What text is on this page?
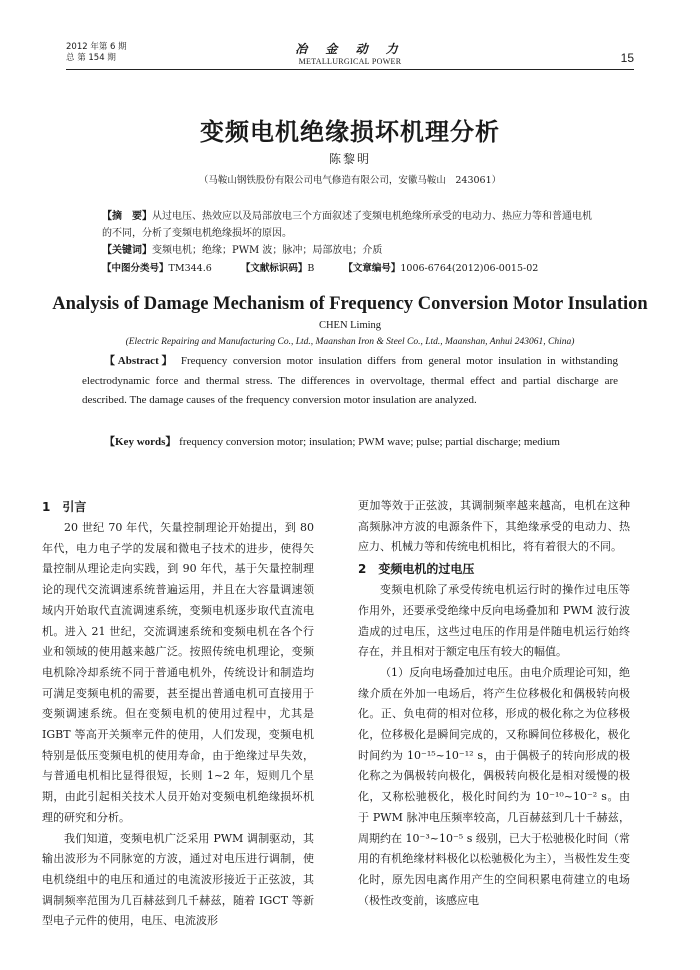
2012 年第 6 期
总 第 154 期
冶 金 动 力
METALLURGICAL POWER	15
变频电机绝缘损坏机理分析
陈黎明
（马鞍山钢铁股份有限公司电气修造有限公司，安徽马鞍山　243061）

【摘　要】从过电压、热效应以及局部放电三个方面叙述了变频电机绝缘所承受的电动力、热应力等和普通电机的不同，分析了变频电机绝缘损坏的原因。

【关键词】变频电机；绝缘；PWM 波；脉冲；局部放电；介质

【中图分类号】TM344.6	【文献标识码】B	【文章编号】1006-6764(2012)06-0015-02
Analysis of Damage Mechanism of Frequency Conversion Motor Insulation
CHEN Liming
(Electric Repairing and Manufacturing Co., Ltd., Maanshan Iron & Steel Co., Ltd., Maanshan, Anhui 243061, China)

【Abstract】 Frequency conversion motor insulation differs from general motor insulation in withstanding electrodynamic force and thermal stress. The differences in overvoltage, thermal effect and partial discharge are described. The damage causes of the frequency conversion motor insulation are analyzed.

【Key words】 frequency conversion motor; insulation; PWM wave; pulse; partial discharge; medium

1 引言

20 世纪 70 年代，矢量控制理论开始提出，到 80 年代，电力电子学的发展和微电子技术的进步，使得矢量控制从理论走向实践，到 90 年代，基于矢量控制理论的现代交流调速系统普遍运用，并且在大容量调速领域内开始取代直流调速系统，变频电机逐步取代直流电机。进入 21 世纪，交流调速系统和变频电机在各个行业和领域的使用越来越广泛。按照传统电机理论，变频电机除冷却系统不同于普通电机外，传统设计和制造均可满足变频电机的需要，甚至提出普通电机可直接用于变频调速系统。但在变频电机的使用过程中，尤其是 IGBT 等高开关频率元件的使用，人们发现，变频电机特别是低压变频电机的使用寿命，由于绝缘过早失效，与普通电机相比显得很短，长则 1~2 年，短则几个星期，由此引起相关技术人员开始对变频电机绝缘损坏机理的研究和分析。

我们知道，变频电机广泛采用 PWM 调制驱动，其输出波形为不同脉宽的方波，通过对电压进行调制，使电机绕组中的电压和通过的电流波形接近于正弦波，其调制频率范围为几百赫兹到几千赫兹，随着 IGCT 等新型电子元件的使用，电压、电流波形

更加等效于正弦波，其调制频率越来越高，电机在这种高频脉冲方波的电源条件下，其绝缘承受的电动力、热应力、机械力等和传统电机相比，将有着很大的不同。

2 变频电机的过电压

变频电机除了承受传统电机运行时的操作过电压等作用外，还要承受绝缘中反向电场叠加和 PWM 波行波造成的过电压，这些过电压的作用是伴随电机运行始终存在，并且相对于额定电压有较大的幅值。

（1）反向电场叠加过电压。由电介质理论可知，绝缘介质在外加一电场后，将产生位移极化和偶极转向极化。正、负电荷的相对位移，形成的极化称之为位移极化，位移极化是瞬间完成的，又称瞬间位移极化，极化时间约为 10⁻¹⁵~10⁻¹² s，由于偶极子的转向形成的极化称之为偶极转向极化，偶极转向极化是相对缓慢的极化，又称松驰极化，极化时间约为 10⁻¹⁰~10⁻² s。由于 PWM 脉冲电压频率较高，几百赫兹到几十千赫兹，周期约在 10⁻³~10⁻⁵ s 级别，已大于松驰极化时间（常用的有机绝缘材料极化以松驰极化为主），当极性发生变化时，原先因电离作用产生的空间积累电荷建立的电场（极性改变前，该感应电
